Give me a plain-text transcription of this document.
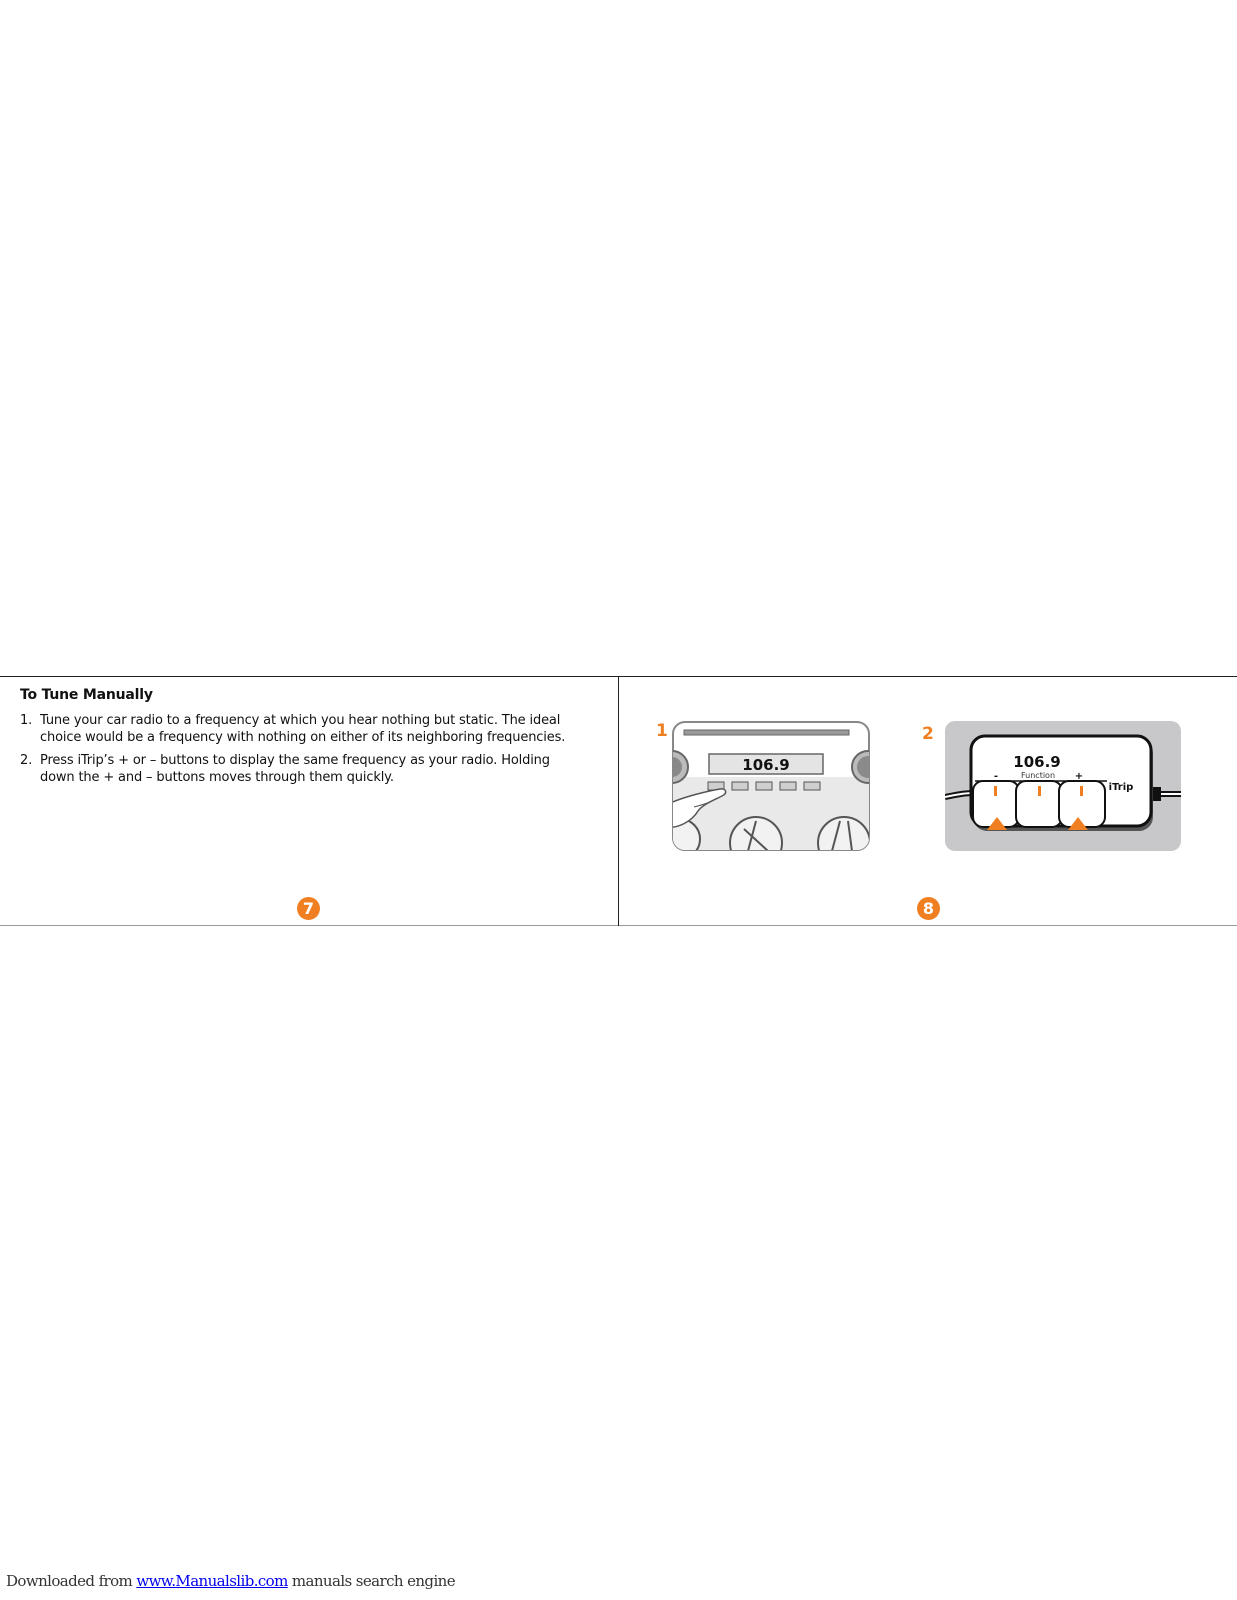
To Tune Manually
1. Tune your car radio to a frequency at which you hear nothing but static. The ideal choice would be a frequency with nothing on either of its neighboring frequencies.
2. Press iTrip’s + or – buttons to display the same frequency as your radio. Holding down the + and – buttons moves through them quickly.
7
1	2
106.9	106.9
Function
-	+
iTrip
8
Downloaded from www.Manualslib.com manuals search engine
